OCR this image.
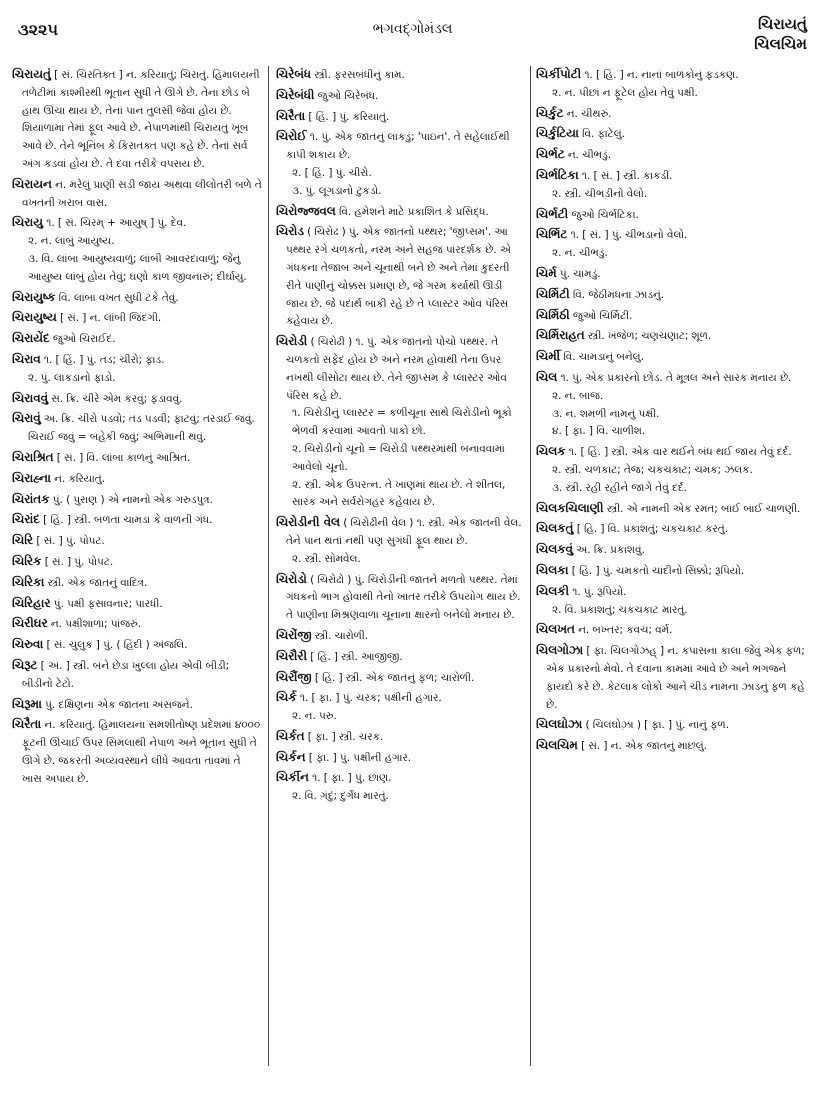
૩૨૨૫	ભગવદ્ગોમંડલ	ચિરાયતું
ચિલચિમ

ચિરાયતું [ સં. ચિરતિક્ત ] ન. કરિયાતું; ચિરાતું. હિમાલયની તળેટીમાં કાશ્મીરથી ભૂતાન સુધી તે ઊગે છે. તેના છોડ બે હાથ ઊંચા થાય છે. તેનાં પાન તુલસી જેવાં હોય છે. શિયાળામાં તેમાં ફૂલ આવે છે. નેપાળમાંથી ચિરાયતુ ખૂબ આવે છે. તેને ભૂનિંબ કે કિરાતક્ત પણ કહે છે. તેનાં સર્વ અંગ કડવાં હોય છે. તે દવા તરીકે વપરાય છે.

ચિરાયન ન. મરેલું પ્રાણી સડી જાય અથવા લીલોતરી બળે તે વખતની ખરાબ વાસ.

ચિરાયુ ૧. [ સં. ચિરમ્ + આયુષ્ ] પું. દેવ.
૨. ન. લાંબું આયુષ્ય.
૩. વિ. લાંબા આયુષ્યવાળું; લાંબી આવરદાવાળું; જેનું આયુષ્ય લાંબું હોય તેવું; ઘણો કાળ જીવનારું; દીર્ઘાયુ.

ચિરાયુષ્ક વિ. લાંબા વખત સુધી ટકે તેવું.

ચિરાયુષ્ય [ સં. ] ન. લાંબી જિંદગી.

ચિરાયેંદ જુઓ ચિરાઈદ.

ચિરાવ ૧. [ હિં. ] પું. તડ; ચીરો; ફાડ.
૨. પું. લાકડાનો ફાડો.

ચિરાવવું સ. ક્રિ. ચીરે એમ કરવું; ફડાવવું.

ચિરાવું અ. ક્રિ. ચીરો પડવો; તડ પડવી; ફાટવું; તરડાઈ જવું.
ચિરાઈ જવું = બહેકી જવું; અભિમાની થવું.

ચિરાશ્રિત [ સં. ] વિ. લાંબા કાળનું આશ્રિત.

ચિરાહ્ના ન. કરિયાતું.

ચિરાંતક પું. ( પુરાણ ) એ નામનો એક ગરુડપુત્ર.

ચિરાંદ [ હિં. ] સ્ત્રી. બળતા ચામડા કે વાળની ગંધ.

ચિરિ [ સં. ] પું. પોપટ.

ચિરિક [ સં. ] પું. પોપટ.

ચિરિકા સ્ત્રી. એક જાતનું વાદિત્ર.

ચિરિહાર પું. પક્ષી ફસાવનાર; પારધી.

ચિરીઘર ન. પક્ષીશાળા; પાંજરું.

ચિરુવા [ સં. ચુલુક ] પું. ( હિંદી ) અંજલિ.

ચિરૂટ [ અં. ] સ્ત્રી. બંને છેડા ખુલ્લા હોય એવી બીડી; બીડીનો ટેટો.

ચિરૂમા પું. દક્ષિણના એક જાતના અંસજને.

ચિરૈતા ન. કરિયાતું. હિમાલયના સમશીતોષ્ણ પ્રદેશમાં ૪૦૦૦ ફૂટની ઊંચાઈ ઉપર સિમલાથી નેપાળ અને ભૂતાન સુધી તે ઊગે છે. જકરતી અવ્યવસ્થાને લીધે આવતા તાવમાં તે ખાસ અપાય છે.

ચિરેબંધ સ્ત્રી. ફરસબંધીનું કામ.

ચિરેબંધી જુઓ ચિરેબંધ.

ચિરૈતા [ હિં. ] પું. કરિયાતું.

ચિરોઈ ૧. પું. એક જાતનું લાકડું; 'પાઇન'. તે સહેલાઈથી કાપી શકાય છે.
૨. [ હિં. ] પું. ચીરો.
૩. પું. લૂગડાનો ટુકડો.

ચિરોજ્જવલ વિ. હમેશને માટે પ્રકાશિત કે પ્રસિદ્ધ.

ચિરોડ ( ચિરોઢ ) પું. એક જાતનો પથ્થર; 'જીપ્સમ'. આ પથ્થર રંગે ચળકતો, નરમ અને સહજ પારદર્શક છે. એ ગંધકના તેજાબ અને ચૂનાથી બને છે અને તેમાં કુદરતી રીતે પાણીનું ચોક્કસ પ્રમાણ છે, જે ગરમ કર્યાથી ઊડી જાય છે. જે પદાર્થ બાકી રહે છે તે પ્લાસ્ટર ઓવ પૅરિસ કહેવાય છે.

ચિરોડી ( ચિરોઢી ) ૧. પું. એક જાતનો પોચો પથ્થર. તે ચળકતો સફેદ હોય છે અને નરમ હોવાથી તેના ઉપર નખથી લીસોટા થાય છે. તેને જીપ્સમ કે પ્લાસ્ટર ઓવ પૅરિસ કહે છે.
૧. ચિરોડીનું પ્લાસ્ટર = કળીચૂના સાથે ચિરોડીનો ભૂકો ભેળવી કરવામાં આવતો પાકો છો.
૨. ચિરોડીનો ચૂનો = ચિરોડી પથ્થરમાંથી બનાવવામાં આવેલો ચૂનો.
૨. સ્ત્રી. એક ઉપરત્ન. તે ખાણમાં થાય છે. તે શીતલ, સારક અને સર્વરોગહર કહેવાય છે.

ચિરોડીની વેલ ( ચિરોઢીની વેલ ) ૧. સ્ત્રી. એક જાતની વેલ. તેને પાન થતાં નથી પણ સુગંધી ફૂલ થાય છે.
૨. સ્ત્રી. સોમવેલ.

ચિરોડો ( ચિરોઢો ) પું. ચિરોડીની જાતને મળતો પથ્થર. તેમાં ગંધકનો ભાગ હોવાથી તેનો ખાતર તરીકે ઉપયોગ થાય છે. તે પાણીના મિશ્રણવાળા ચૂનાના ક્ષારનો બનેલો મનાય છે.

ચિરોંજી સ્ત્રી. ચારોળી.

ચિરૌરી [ હિં. ] સ્ત્રી. આજીજી.

ચિરૌંજી [ હિં. ] સ્ત્રી. એક જાતનું ફળ; ચારોળી.

ચિર્ક ૧. [ ફા. ] પું. ચરક; પક્ષીની હગાર.
૨. ન. પરુ.

ચિર્કત [ ફા. ] સ્ત્રી. ચરક.

ચિર્કન [ ફા. ] પું. પક્ષીની હગાર.

ચિર્કીન ૧. [ ફા. ] પું. છાણ.
૨. વિ. ગંદું; દુર્ગંધ મારતું.

ચિર્કીપોટી ૧. [ હિં. ] ન. નાનાં બાળકોનું ફડકણ.
૨. ન. પીછાં ન ફૂટેલ હોય તેવું પક્ષી.

ચિર્કુટ ન. ચીથરું.

ચિર્કુટિયા વિ. ફાટેલું.

ચિર્ભટ ન. ચીભડું.

ચિર્ભટિકા ૧. [ સં. ] સ્ત્રી. કાકડી.
૨. સ્ત્રી. ચીભડીનો વેલો.

ચિર્ભટી જુઓ ચિર્ભટિકા.

ચિર્ભિટ ૧. [ સં. ] પું. ચીભડાનો વેલો.
૨. ન. ચીભડું.

ચિર્મ પું. ચામડું.

ચિર્મિટી વિ. જેઠીમધના ઝાડનું.

ચિર્મિઠી જુઓ ચિર્મિટી.

ચિર્મિરાહત સ્ત્રી. ખંજેળ; ચણચણાટ; શૂળ.

ચિર્મી વિ. ચામડાનું બનેલું.

ચિલ ૧. પું. એક પ્રકારનો છોડ. તે મૂત્રલ અને સારક મનાય છે.
૨. ન. બાજ.
૩. ન. શમળી નામનું પક્ષી.
૪. [ ફા. ] વિ. ચાળીશ.

ચિલક ૧. [ હિં. ] સ્ત્રી. એક વાર થઈને બંધ થઈ જાય તેવું દર્દ.
૨. સ્ત્રી. ચળકાટ; તેજ; ચકચકાટ; ચમક; ઝલક.
૩. સ્ત્રી. રહી રહીને જાગે તેવું દર્દ.

ચિલકચિલાણી સ્ત્રી. એ નામની એક રમત; બાઈ બાઈ ચાળણી.

ચિલકતું [ હિં. ] વિ. પ્રકાશતું; ચકચકાટ કરતું.

ચિલકવું અ. ક્રિ. પ્રકાશવું.

ચિલકા [ હિં. ] પું. ચમકતો ચાંદીનો સિક્કો; રૂપિયો.

ચિલકી ૧. પું. રૂપિયો.
૨. વિ. પ્રકાશતું; ચકચકાટ મારતું.

ચિલખત ન. બખ્તર; કવચ; વર્મ.

ચિલગોઝા [ ફા. ચિલગોઝહ્ ] ન. કપાસના કાલા જેવું એક ફળ; એક પ્રકારનો મેવો. તે દવાના કામમાં આવે છે અને ભગજને ફાયદો કરે છે. કેટલાક લોકો આને ચીડ નામના ઝાડનું ફળ કહે છે.

ચિલઘોઝા ( ચિલઘોઝ઼ા ) [ ફા. ] પું. નાનું ફળ.

ચિલચિમ [ સં. ] ન. એક જાતનું માછલું.
